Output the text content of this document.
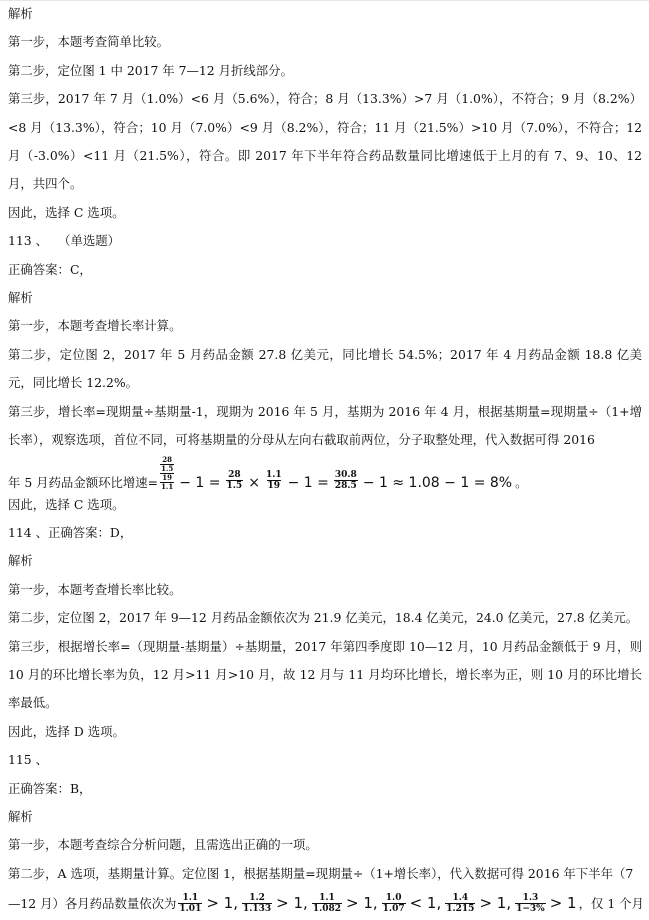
解析

第一步，本题考查简单比较。

第二步，定位图 1 中 2017 年 7—12 月折线部分。

第三步，2017 年 7 月（1.0%）<6 月（5.6%），符合；8 月（13.3%）>7 月（1.0%），不符合；9 月（8.2%）<8 月（13.3%），符合；10 月（7.0%）<9 月（8.2%），符合；11 月（21.5%）>10 月（7.0%），不符合；12 月（-3.0%）<11 月（21.5%），符合。即 2017 年下半年符合药品数量同比增速低于上月的有 7、9、10、12 月，共四个。

因此，选择 C 选项。

113 、　 （单选题）

正确答案：C，

解析

第一步，本题考查增长率计算。

第二步，定位图 2，2017 年 5 月药品金额 27.8 亿美元，同比增长 54.5%；2017 年 4 月药品金额 18.8 亿美元，同比增长 12.2%。

第三步，增长率=现期量÷基期量-1，现期为 2016 年 5 月，基期为 2016 年 4 月，根据基期量=现期量÷（1+增长率），观察选项，首位不同，可将基期量的分母从左向右截取前两位，分子取整处理，代入数据可得 2016

年 5 月药品金额环比增速= $\frac{\frac{28}{1.5}}{\frac{19}{1.1}} - 1 = \frac{28}{1.5} \times \frac{1.1}{19} - 1 = \frac{30.8}{28.5} - 1 \approx 1.08 - 1 = 8\%$ 。

因此，选择 C 选项。

114 、正确答案：D，

解析

第一步，本题考查增长率比较。

第二步，定位图 2，2017 年 9—12 月药品金额依次为 21.9 亿美元，18.4 亿美元，24.0 亿美元，27.8 亿美元。

第三步，根据增长率=（现期量-基期量）÷基期量，2017 年第四季度即 10—12 月，10 月药品金额低于 9 月，则 10 月的环比增长率为负，12 月>11 月>10 月，故 12 月与 11 月均环比增长，增长率为正，则 10 月的环比增长率最低。

因此，选择 D 选项。

115 、

正确答案：B，

解析

第一步，本题考查综合分析问题，且需选出正确的一项。

第二步，A 选项，基期量计算。定位图 1，根据基期量=现期量÷（1+增长率），代入数据可得 2016 年下半年（7

—12 月）各月药品数量依次为 $\frac{1.1}{1.01} > 1$, $\frac{1.2}{1.133} > 1$, $\frac{1.1}{1.082} > 1$, $\frac{1.0}{1.07} < 1$, $\frac{1.4}{1.215} > 1$, $\frac{1.3}{1-3\%} > 1$ ，仅 1 个月
